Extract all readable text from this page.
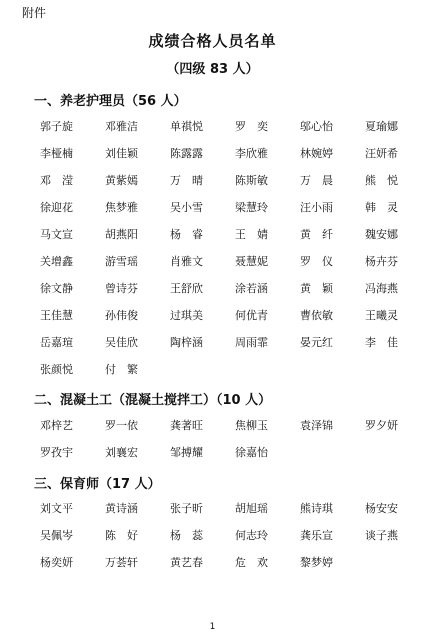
附件
成绩合格人员名单
（四级 83 人）
一、养老护理员（56 人）
郭子旋	邓雅洁	单祺悦	罗　奕	邬心怡	夏瑜娜
李桠楠	刘佳颖	陈露露	李欣雅	林婉婷	汪妍希
邓　滢	黄紫嫣	万　晴	陈斯敏	万　晨	熊　悦
徐迎花	焦梦雅	吴小雪	梁慧玲	汪小雨	韩　灵
马文宣	胡燕阳	杨　睿	王　婧	黄　纤	魏安娜
关增鑫	游雪瑶	肖雅文	聂慧妮	罗　仪	杨卉芬
徐文静	曾诗芬	王舒欣	涂若涵	黄　颖	冯海燕
王佳慧	孙伟俊	过琪美	何优青	曹依敏	王曦灵
岳嘉瑄	吴佳欣	陶梓涵	周雨霏	晏元红	李　佳
张颜悦	付　繁
二、混凝土工（混凝土搅拌工）（10 人）
邓梓艺	罗一依	龚著旺	焦柳玉	袁泽锦	罗夕妍
罗孜宇	刘襄宏	邹搏耀	徐嘉怡
三、保育师（17 人）
刘文平	黄诗涵	张子昕	胡旭瑶	熊诗琪	杨安安
吴佩岑	陈　好	杨　蕊	何志玲	龚乐宣	谈子燕
杨奕妍	万荟轩	黄艺春	危　欢	黎梦婷
1
